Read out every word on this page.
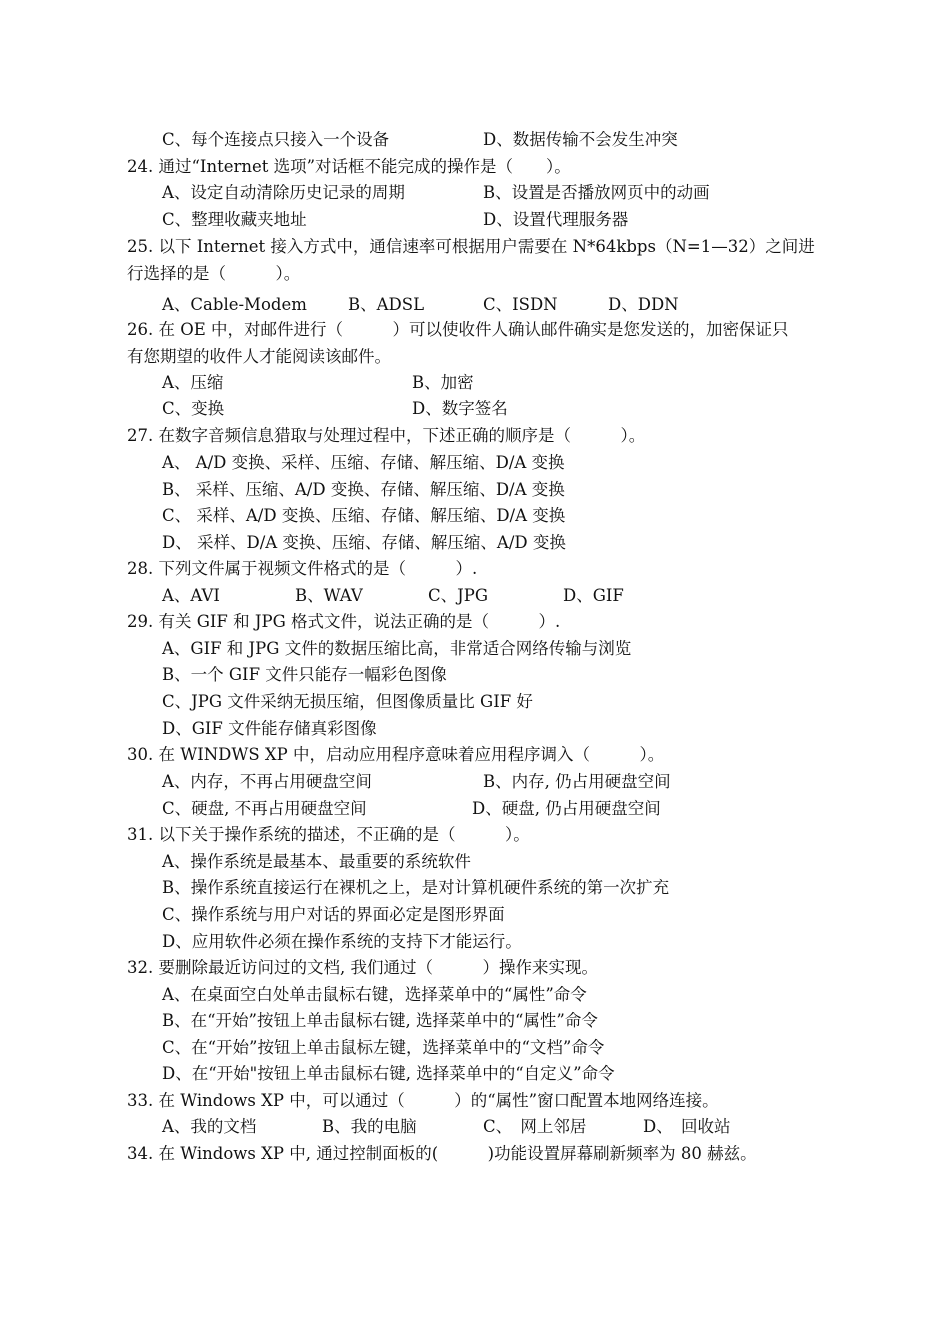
C、每个连接点只接入一个设备	D、数据传输不会发生冲突
24. 通过“Internet 选项”对话框不能完成的操作是（　　）。
A、设定自动清除历史记录的周期	B、设置是否播放网页中的动画
C、整理收藏夹地址	D、设置代理服务器
25. 以下 Internet 接入方式中，通信速率可根据用户需要在 N*64kbps（N=1—32）之间进
行选择的是（　　　）。
A、Cable-Modem B、ADSL	C、ISDN	D、DDN
26. 在 OE 中，对邮件进行（　　　）可以使收件人确认邮件确实是您发送的，加密保证只
有您期望的收件人才能阅读该邮件。
A、压缩	B、加密
C、变换	D、数字签名
27. 在数字音频信息猎取与处理过程中，下述正确的顺序是（　　　）。
A、 A/D 变换、采样、压缩、存储、解压缩、D/A 变换
B、 采样、压缩、A/D 变换、存储、解压缩、D/A 变换
C、 采样、A/D 变换、压缩、存储、解压缩、D/A 变换
D、 采样、D/A 变换、压缩、存储、解压缩、A/D 变换
28. 下列文件属于视频文件格式的是（　　　）.
A、AVI	B、WAV	C、JPG	D、GIF
29. 有关 GIF 和 JPG 格式文件，说法正确的是（　　　）.
A、GIF 和 JPG 文件的数据压缩比高，非常适合网络传输与浏览
B、一个 GIF 文件只能存一幅彩色图像
C、JPG 文件采纳无损压缩，但图像质量比 GIF 好
D、GIF 文件能存储真彩图像
30. 在 WINDWS XP 中，启动应用程序意味着应用程序调入（　　　）。
A、内存，不再占用硬盘空间	B、内存, 仍占用硬盘空间
C、硬盘, 不再占用硬盘空间	D、硬盘, 仍占用硬盘空间
31. 以下关于操作系统的描述，不正确的是（　　　）。
A、操作系统是最基本、最重要的系统软件
B、操作系统直接运行在裸机之上，是对计算机硬件系统的第一次扩充
C、操作系统与用户对话的界面必定是图形界面
D、应用软件必须在操作系统的支持下才能运行。
32. 要删除最近访问过的文档, 我们通过（　　　）操作来实现。
A、在桌面空白处单击鼠标右键，选择菜单中的“属性”命令
B、在“开始”按钮上单击鼠标右键, 选择菜单中的“属性”命令
C、在“开始”按钮上单击鼠标左键，选择菜单中的“文档”命令
D、在“开始"按钮上单击鼠标右键, 选择菜单中的“自定义”命令
33. 在 Windows XP 中，可以通过（　　　）的“属性”窗口配置本地网络连接。
A、我的文档	B、我的电脑	C、　网上邻居	D、　回收站
34. 在 Windows XP 中, 通过控制面板的(　　　)功能设置屏幕刷新频率为 80 赫兹。
